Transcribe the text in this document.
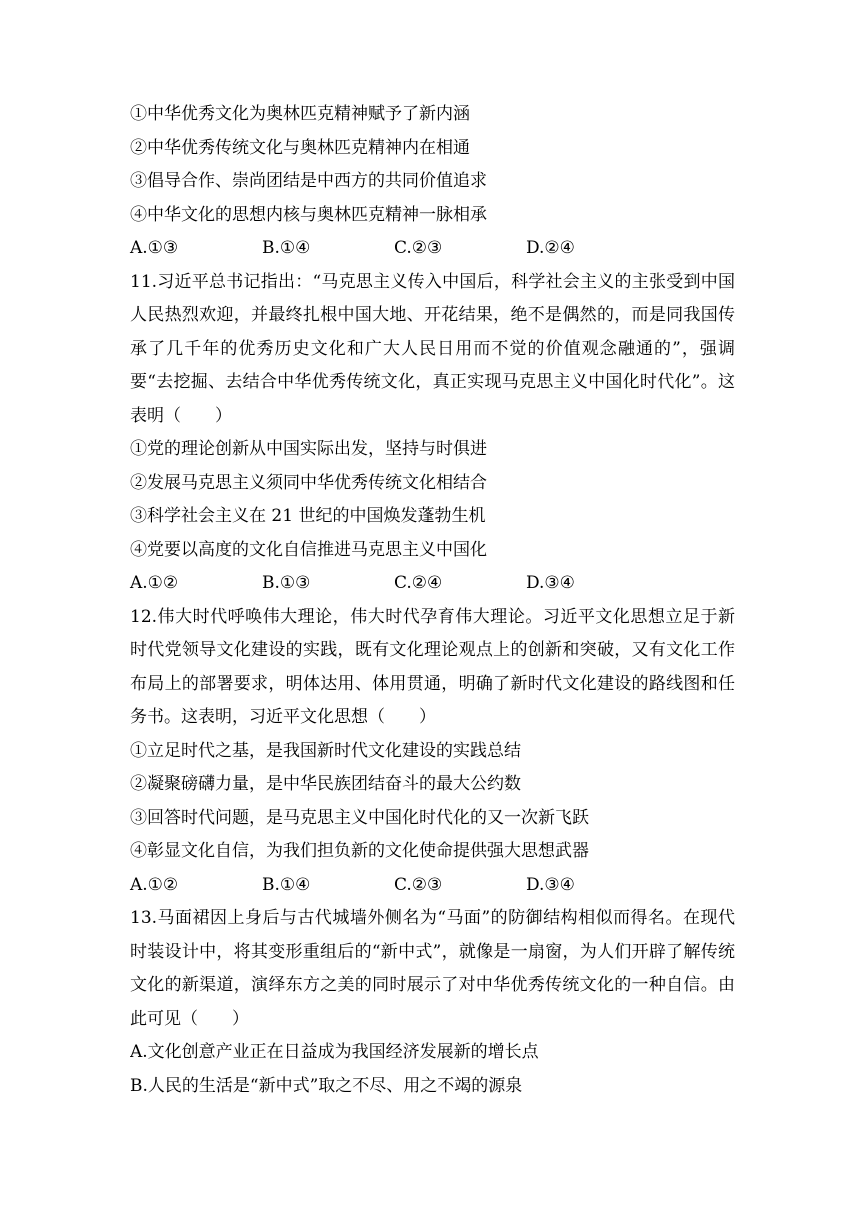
①中华优秀文化为奥林匹克精神赋予了新内涵
②中华优秀传统文化与奥林匹克精神内在相通
③倡导合作、崇尚团结是中西方的共同价值追求
④中华文化的思想内核与奥林匹克精神一脉相承
A.①③	B.①④	C.②③	D.②④
11.习近平总书记指出：“马克思主义传入中国后，科学社会主义的主张受到中国人民热烈欢迎，并最终扎根中国大地、开花结果，绝不是偶然的，而是同我国传承了几千年的优秀历史文化和广大人民日用而不觉的价值观念融通的”，强调要“去挖掘、去结合中华优秀传统文化，真正实现马克思主义中国化时代化”。这表明（　　）
①党的理论创新从中国实际出发，坚持与时俱进
②发展马克思主义须同中华优秀传统文化相结合
③科学社会主义在 21 世纪的中国焕发蓬勃生机
④党要以高度的文化自信推进马克思主义中国化
A.①②	B.①③	C.②④	D.③④
12.伟大时代呼唤伟大理论，伟大时代孕育伟大理论。习近平文化思想立足于新时代党领导文化建设的实践，既有文化理论观点上的创新和突破，又有文化工作布局上的部署要求，明体达用、体用贯通，明确了新时代文化建设的路线图和任务书。这表明，习近平文化思想（　　）
①立足时代之基，是我国新时代文化建设的实践总结
②凝聚磅礴力量，是中华民族团结奋斗的最大公约数
③回答时代问题，是马克思主义中国化时代化的又一次新飞跃
④彰显文化自信，为我们担负新的文化使命提供强大思想武器
A.①②	B.①④	C.②③	D.③④
13.马面裙因上身后与古代城墙外侧名为“马面”的防御结构相似而得名。在现代时装设计中，将其变形重组后的“新中式”，就像是一扇窗，为人们开辟了解传统文化的新渠道，演绎东方之美的同时展示了对中华优秀传统文化的一种自信。由此可见（　　）
A.文化创意产业正在日益成为我国经济发展新的增长点
B.人民的生活是“新中式”取之不尽、用之不竭的源泉
